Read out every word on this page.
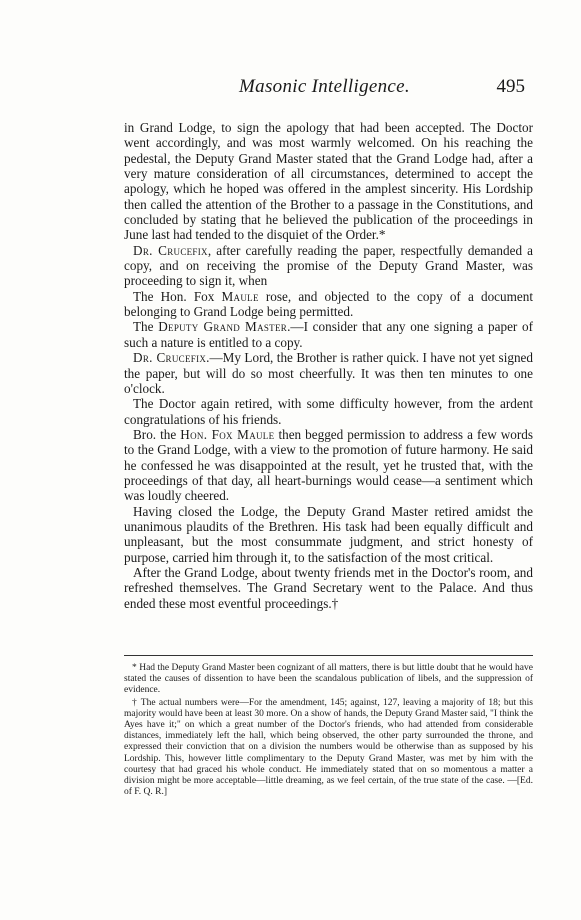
Masonic Intelligence.	495

in Grand Lodge, to sign the apology that had been accepted. The Doctor went accordingly, and was most warmly welcomed. On his reaching the pedestal, the Deputy Grand Master stated that the Grand Lodge had, after a very mature consideration of all circumstances, determined to accept the apology, which he hoped was offered in the amplest sincerity. His Lordship then called the attention of the Brother to a passage in the Constitutions, and concluded by stating that he believed the publication of the proceedings in June last had tended to the disquiet of the Order.*

Dr. Crucefix, after carefully reading the paper, respectfully demanded a copy, and on receiving the promise of the Deputy Grand Master, was proceeding to sign it, when

The Hon. Fox Maule rose, and objected to the copy of a document belonging to Grand Lodge being permitted.

The Deputy Grand Master.—I consider that any one signing a paper of such a nature is entitled to a copy.

Dr. Crucefix.—My Lord, the Brother is rather quick. I have not yet signed the paper, but will do so most cheerfully. It was then ten minutes to one o'clock.

The Doctor again retired, with some difficulty however, from the ardent congratulations of his friends.

Bro. the Hon. Fox Maule then begged permission to address a few words to the Grand Lodge, with a view to the promotion of future harmony. He said he confessed he was disappointed at the result, yet he trusted that, with the proceedings of that day, all heart-burnings would cease—a sentiment which was loudly cheered.

Having closed the Lodge, the Deputy Grand Master retired amidst the unanimous plaudits of the Brethren. His task had been equally difficult and unpleasant, but the most consummate judgment, and strict honesty of purpose, carried him through it, to the satisfaction of the most critical.

After the Grand Lodge, about twenty friends met in the Doctor's room, and refreshed themselves. The Grand Secretary went to the Palace. And thus ended these most eventful proceedings.†

* Had the Deputy Grand Master been cognizant of all matters, there is but little doubt that he would have stated the causes of dissention to have been the scandalous publication of libels, and the suppression of evidence.

† The actual numbers were—For the amendment, 145; against, 127, leaving a majority of 18; but this majority would have been at least 30 more. On a show of hands, the Deputy Grand Master said, "I think the Ayes have it;" on which a great number of the Doctor's friends, who had attended from considerable distances, immediately left the hall, which being observed, the other party surrounded the throne, and expressed their conviction that on a division the numbers would be otherwise than as supposed by his Lordship. This, however little complimentary to the Deputy Grand Master, was met by him with the courtesy that had graced his whole conduct. He immediately stated that on so momentous a matter a division might be more acceptable—little dreaming, as we feel certain, of the true state of the case. —[Ed. of F. Q. R.]
